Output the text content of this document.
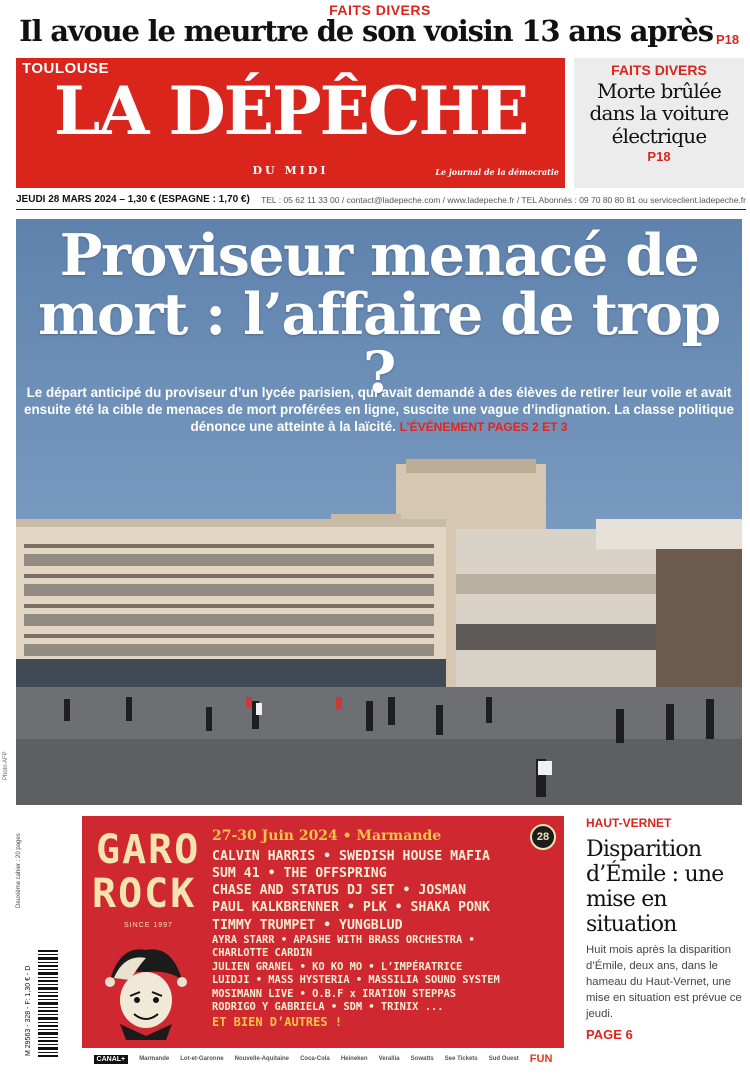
FAITS DIVERS
Il avoue le meurtre de son voisin 13 ans après P18
TOULOUSE
LA DÉPÊCHE
DU MIDI	Le journal de la démocratie
FAITS DIVERS
Morte brûlée dans la voiture électrique
P18
JEUDI 28 MARS 2024 – 1,30 € (ESPAGNE : 1,70 €) TEL : 05 62 11 33 00 / contact@ladepeche.com / www.ladepeche.fr / TEL Abonnés : 09 70 80 80 81 ou serviceclient.ladepeche.fr
Proviseur menacé de mort : l’affaire de trop ?
Le départ anticipé du proviseur d’un lycée parisien, qui avait demandé à des élèves de retirer leur voile et avait ensuite été la cible de menaces de mort proférées en ligne, suscite une vague d’indignation. La classe politique dénonce une atteinte à la laïcité. L’ÉVÉNEMENT PAGES 2 ET 3
Photo AFP
Deuxième cahier : 20 pages
M 29563 - 328 - F: 1,30 € - D
GARO
ROCK
SINCE 1997
28
27-30 Juin 2024 • Marmande
CALVIN HARRIS • SWEDISH HOUSE MAFIA
SUM 41 • THE OFFSPRING
CHASE AND STATUS DJ SET • JOSMAN
PAUL KALKBRENNER • PLK • SHAKA PONK
TIMMY TRUMPET • YUNGBLUD
AYRA STARR • APASHE WITH BRASS ORCHESTRA • CHARLOTTE CARDIN
JULIEN GRANEL • KO KO MO • L’IMPÉRATRICE
LUIDJI • MASS HYSTERIA • MASSILIA SOUND SYSTEM
MOSIMANN LIVE • O.B.F x IRATION STEPPAS
RODRIGO Y GABRIELA • SDM • TRINIX ...
ET BIEN D’AUTRES !
CANAL+	Marmande Lot-et-Garonne Nouvelle-Aquitaine Coca-Cola Heineken Verallia Sowatts See Tickets Sud Ouest FUN
HAUT-VERNET
Disparition d’Émile : une mise en situation
Huit mois après la disparition d’Émile, deux ans, dans le hameau du Haut-Vernet, une mise en situation est prévue ce jeudi.
PAGE 6
